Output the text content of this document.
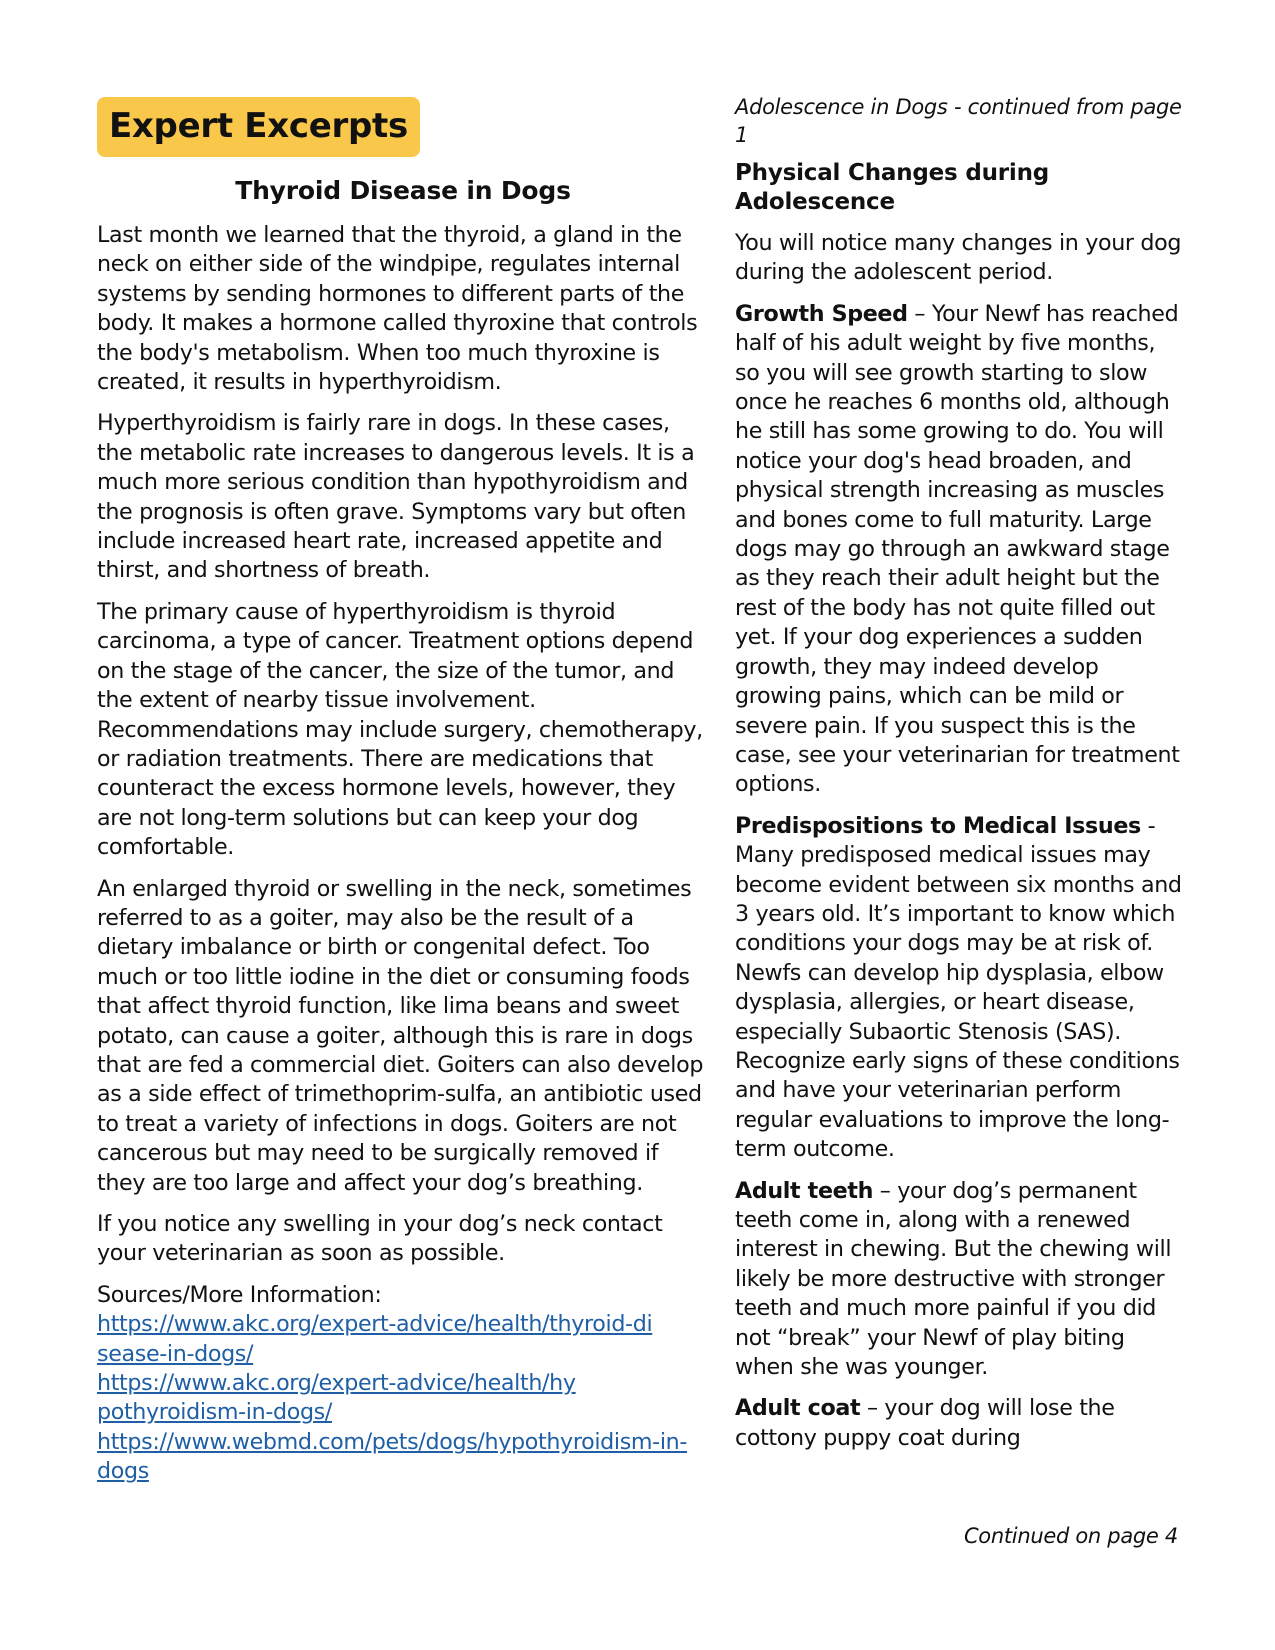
Expert Excerpts
Thyroid Disease in Dogs

Last month we learned that the thyroid, a gland in the neck on either side of the windpipe, regulates internal systems by sending hormones to different parts of the body. It makes a hormone called thyroxine that controls the body's metabolism. When too much thyroxine is created, it results in hyperthyroidism.

Hyperthyroidism is fairly rare in dogs. In these cases, the metabolic rate increases to dangerous levels. It is a much more serious condition than hypothyroidism and the prognosis is often grave. Symptoms vary but often include increased heart rate, increased appetite and thirst, and shortness of breath.

The primary cause of hyperthyroidism is thyroid carcinoma, a type of cancer. Treatment options depend on the stage of the cancer, the size of the tumor, and the extent of nearby tissue involvement. Recommendations may include surgery, chemotherapy, or radiation treatments. There are medications that counteract the excess hormone levels, however, they are not long-term solutions but can keep your dog comfortable.

An enlarged thyroid or swelling in the neck, sometimes referred to as a goiter, may also be the result of a dietary imbalance or birth or congenital defect. Too much or too little iodine in the diet or consuming foods that affect thyroid function, like lima beans and sweet potato, can cause a goiter, although this is rare in dogs that are fed a commercial diet. Goiters can also develop as a side effect of trimethoprim-sulfa, an antibiotic used to treat a variety of infections in dogs. Goiters are not cancerous but may need to be surgically removed if they are too large and affect your dog’s breathing.

If you notice any swelling in your dog’s neck contact your veterinarian as soon as possible.

Sources/More Information:

https://www.akc.org/expert-advice/health/thyroid-disease-in-dogs/
https://www.akc.org/expert-advice/health/hypothyroidism-in-dogs/
https://www.webmd.com/pets/dogs/hypothyroidism-in-dogs
Adolescence in Dogs - continued from page 1
Physical Changes during Adolescence

You will notice many changes in your dog during the adolescent period.

Growth Speed – Your Newf has reached half of his adult weight by five months, so you will see growth starting to slow once he reaches 6 months old, although he still has some growing to do. You will notice your dog's head broaden, and physical strength increasing as muscles and bones come to full maturity. Large dogs may go through an awkward stage as they reach their adult height but the rest of the body has not quite filled out yet. If your dog experiences a sudden growth, they may indeed develop growing pains, which can be mild or severe pain. If you suspect this is the case, see your veterinarian for treatment options.

Predispositions to Medical Issues - Many predisposed medical issues may become evident between six months and 3 years old. It’s important to know which conditions your dogs may be at risk of. Newfs can develop hip dysplasia, elbow dysplasia, allergies, or heart disease, especially Subaortic Stenosis (SAS). Recognize early signs of these conditions and have your veterinarian perform regular evaluations to improve the long-term outcome.

Adult teeth – your dog’s permanent teeth come in, along with a renewed interest in chewing. But the chewing will likely be more destructive with stronger teeth and much more painful if you did not “break” your Newf of play biting when she was younger.

Adult coat – your dog will lose the cottony puppy coat during

Continued on page 4
